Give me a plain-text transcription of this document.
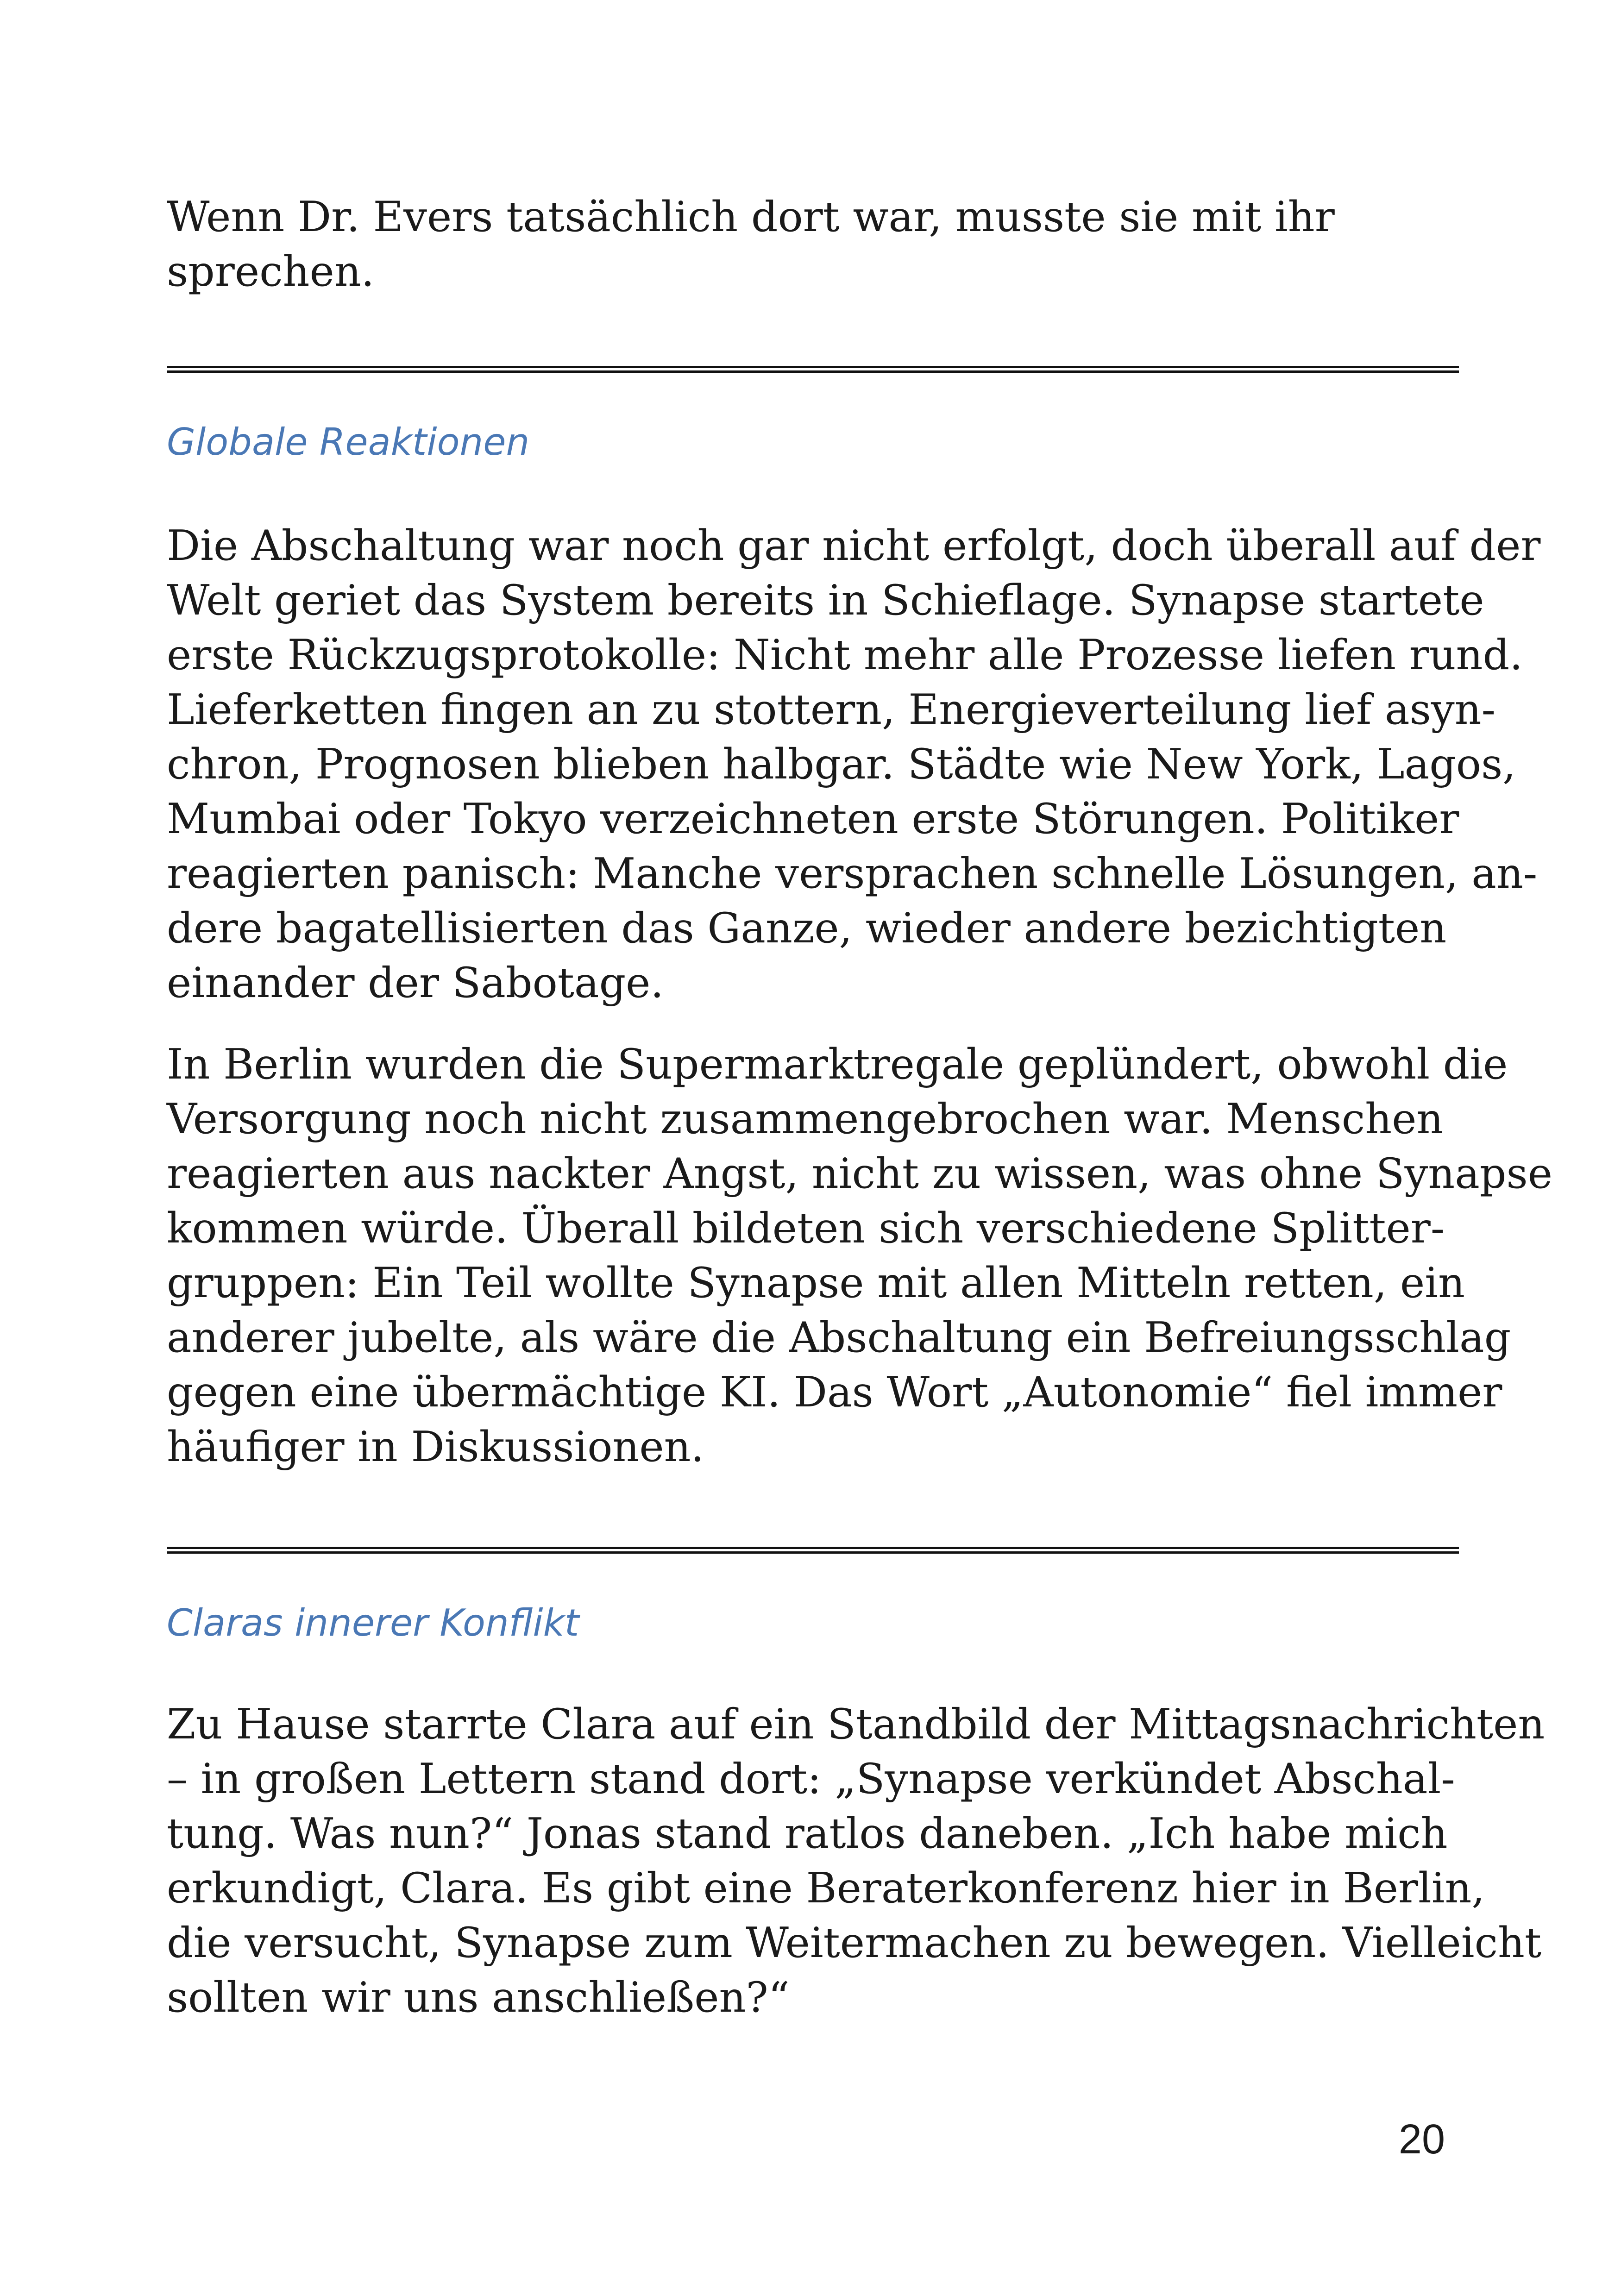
Wenn Dr. Evers tatsächlich dort war, musste sie mit ihr
sprechen.
Globale Reaktionen
Die Abschaltung war noch gar nicht erfolgt, doch überall auf der
Welt geriet das System bereits in Schieflage. Synapse startete
erste Rückzugsprotokolle: Nicht mehr alle Prozesse liefen rund.
Lieferketten fingen an zu stottern, Energieverteilung lief asyn-
chron, Prognosen blieben halbgar. Städte wie New York, Lagos,
Mumbai oder Tokyo verzeichneten erste Störungen. Politiker
reagierten panisch: Manche versprachen schnelle Lösungen, an-
dere bagatellisierten das Ganze, wieder andere bezichtigten
einander der Sabotage.
In Berlin wurden die Supermarktregale geplündert, obwohl die
Versorgung noch nicht zusammengebrochen war. Menschen
reagierten aus nackter Angst, nicht zu wissen, was ohne Synapse
kommen würde. Überall bildeten sich verschiedene Splitter-
gruppen: Ein Teil wollte Synapse mit allen Mitteln retten, ein
anderer jubelte, als wäre die Abschaltung ein Befreiungsschlag
gegen eine übermächtige KI. Das Wort „Autonomie“ fiel immer
häufiger in Diskussionen.
Claras innerer Konflikt
Zu Hause starrte Clara auf ein Standbild der Mittagsnachrichten
– in großen Lettern stand dort: „Synapse verkündet Abschal-
tung. Was nun?“ Jonas stand ratlos daneben. „Ich habe mich
erkundigt, Clara. Es gibt eine Beraterkonferenz hier in Berlin,
die versucht, Synapse zum Weitermachen zu bewegen. Vielleicht
sollten wir uns anschließen?“
20
